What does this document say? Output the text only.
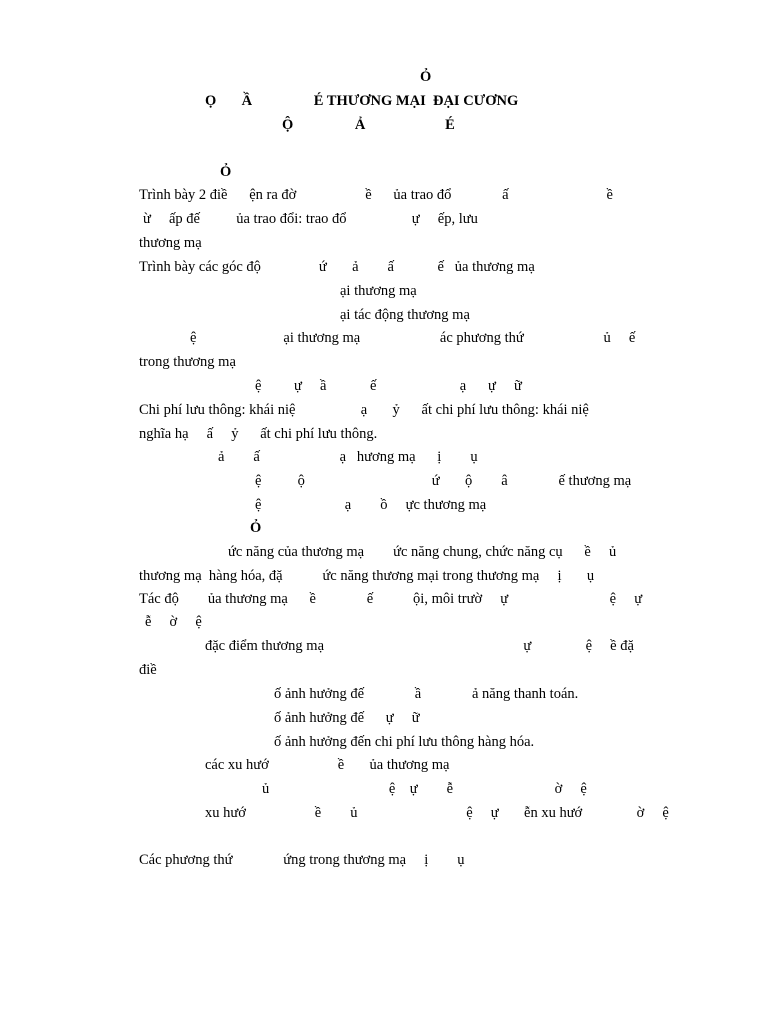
Ỏ
Ọ       Ầ                 É THƯƠNG MẠI  ĐẠI CƯƠNG
Ộ                 Ả                      É
Ỏ
Trình bày 2 điề      ện ra đờ                   ề      ủa trao đổ              ấ                           ề
ừ     ấp đế          ủa trao đổi: trao đổ                  ự     ếp, lưu
thương mạ
Trình bày các góc độ                ứ       ả        ấ            ế   ủa thương mạ
ại thương mạ
ại tác động thương mạ
ệ                        ại thương mạ                      ác phương thứ                      ủ     ế
trong thương mạ
ệ         ự     ầ            ế                       ạ      ự     ữ
Chi phí lưu thông: khái niệ                  ạ       ỷ      ất chi phí lưu thông: khái niệ
nghĩa hạ     ấ     ỷ      ất chi phí lưu thông.
ả        ấ                      ạ   hương mạ      ị        ụ
ệ          ộ                                   ứ       ộ        â              ế thương mạ
ệ                       ạ        ồ     ực thương mạ
Ỏ
ức năng của thương mạ        ức năng chung, chức năng cụ      ề     ủ
thương mạ  hàng hóa, đặ           ức năng thương mại trong thương mạ     ị       ụ
Tác độ        ủa thương mạ      ề              ế           ội, môi trườ     ự                            ệ     ự
ễ     ờ     ệ
đặc điểm thương mạ                                                       ự               ệ     ề đặ
điề
ố ảnh hưởng đế              ầ              ả năng thanh toán.
ố ảnh hưởng đế      ự     ữ
ố ảnh hưởng đến chi phí lưu thông hàng hóa.
các xu hướ                   ề       ủa thương mạ
ủ                                 ệ    ự        ễ                            ờ     ệ
xu hướ                   ề        ủ                              ệ     ự       ễn xu hướ               ờ     ệ
Các phương thứ              ứng trong thương mạ     ị        ụ
